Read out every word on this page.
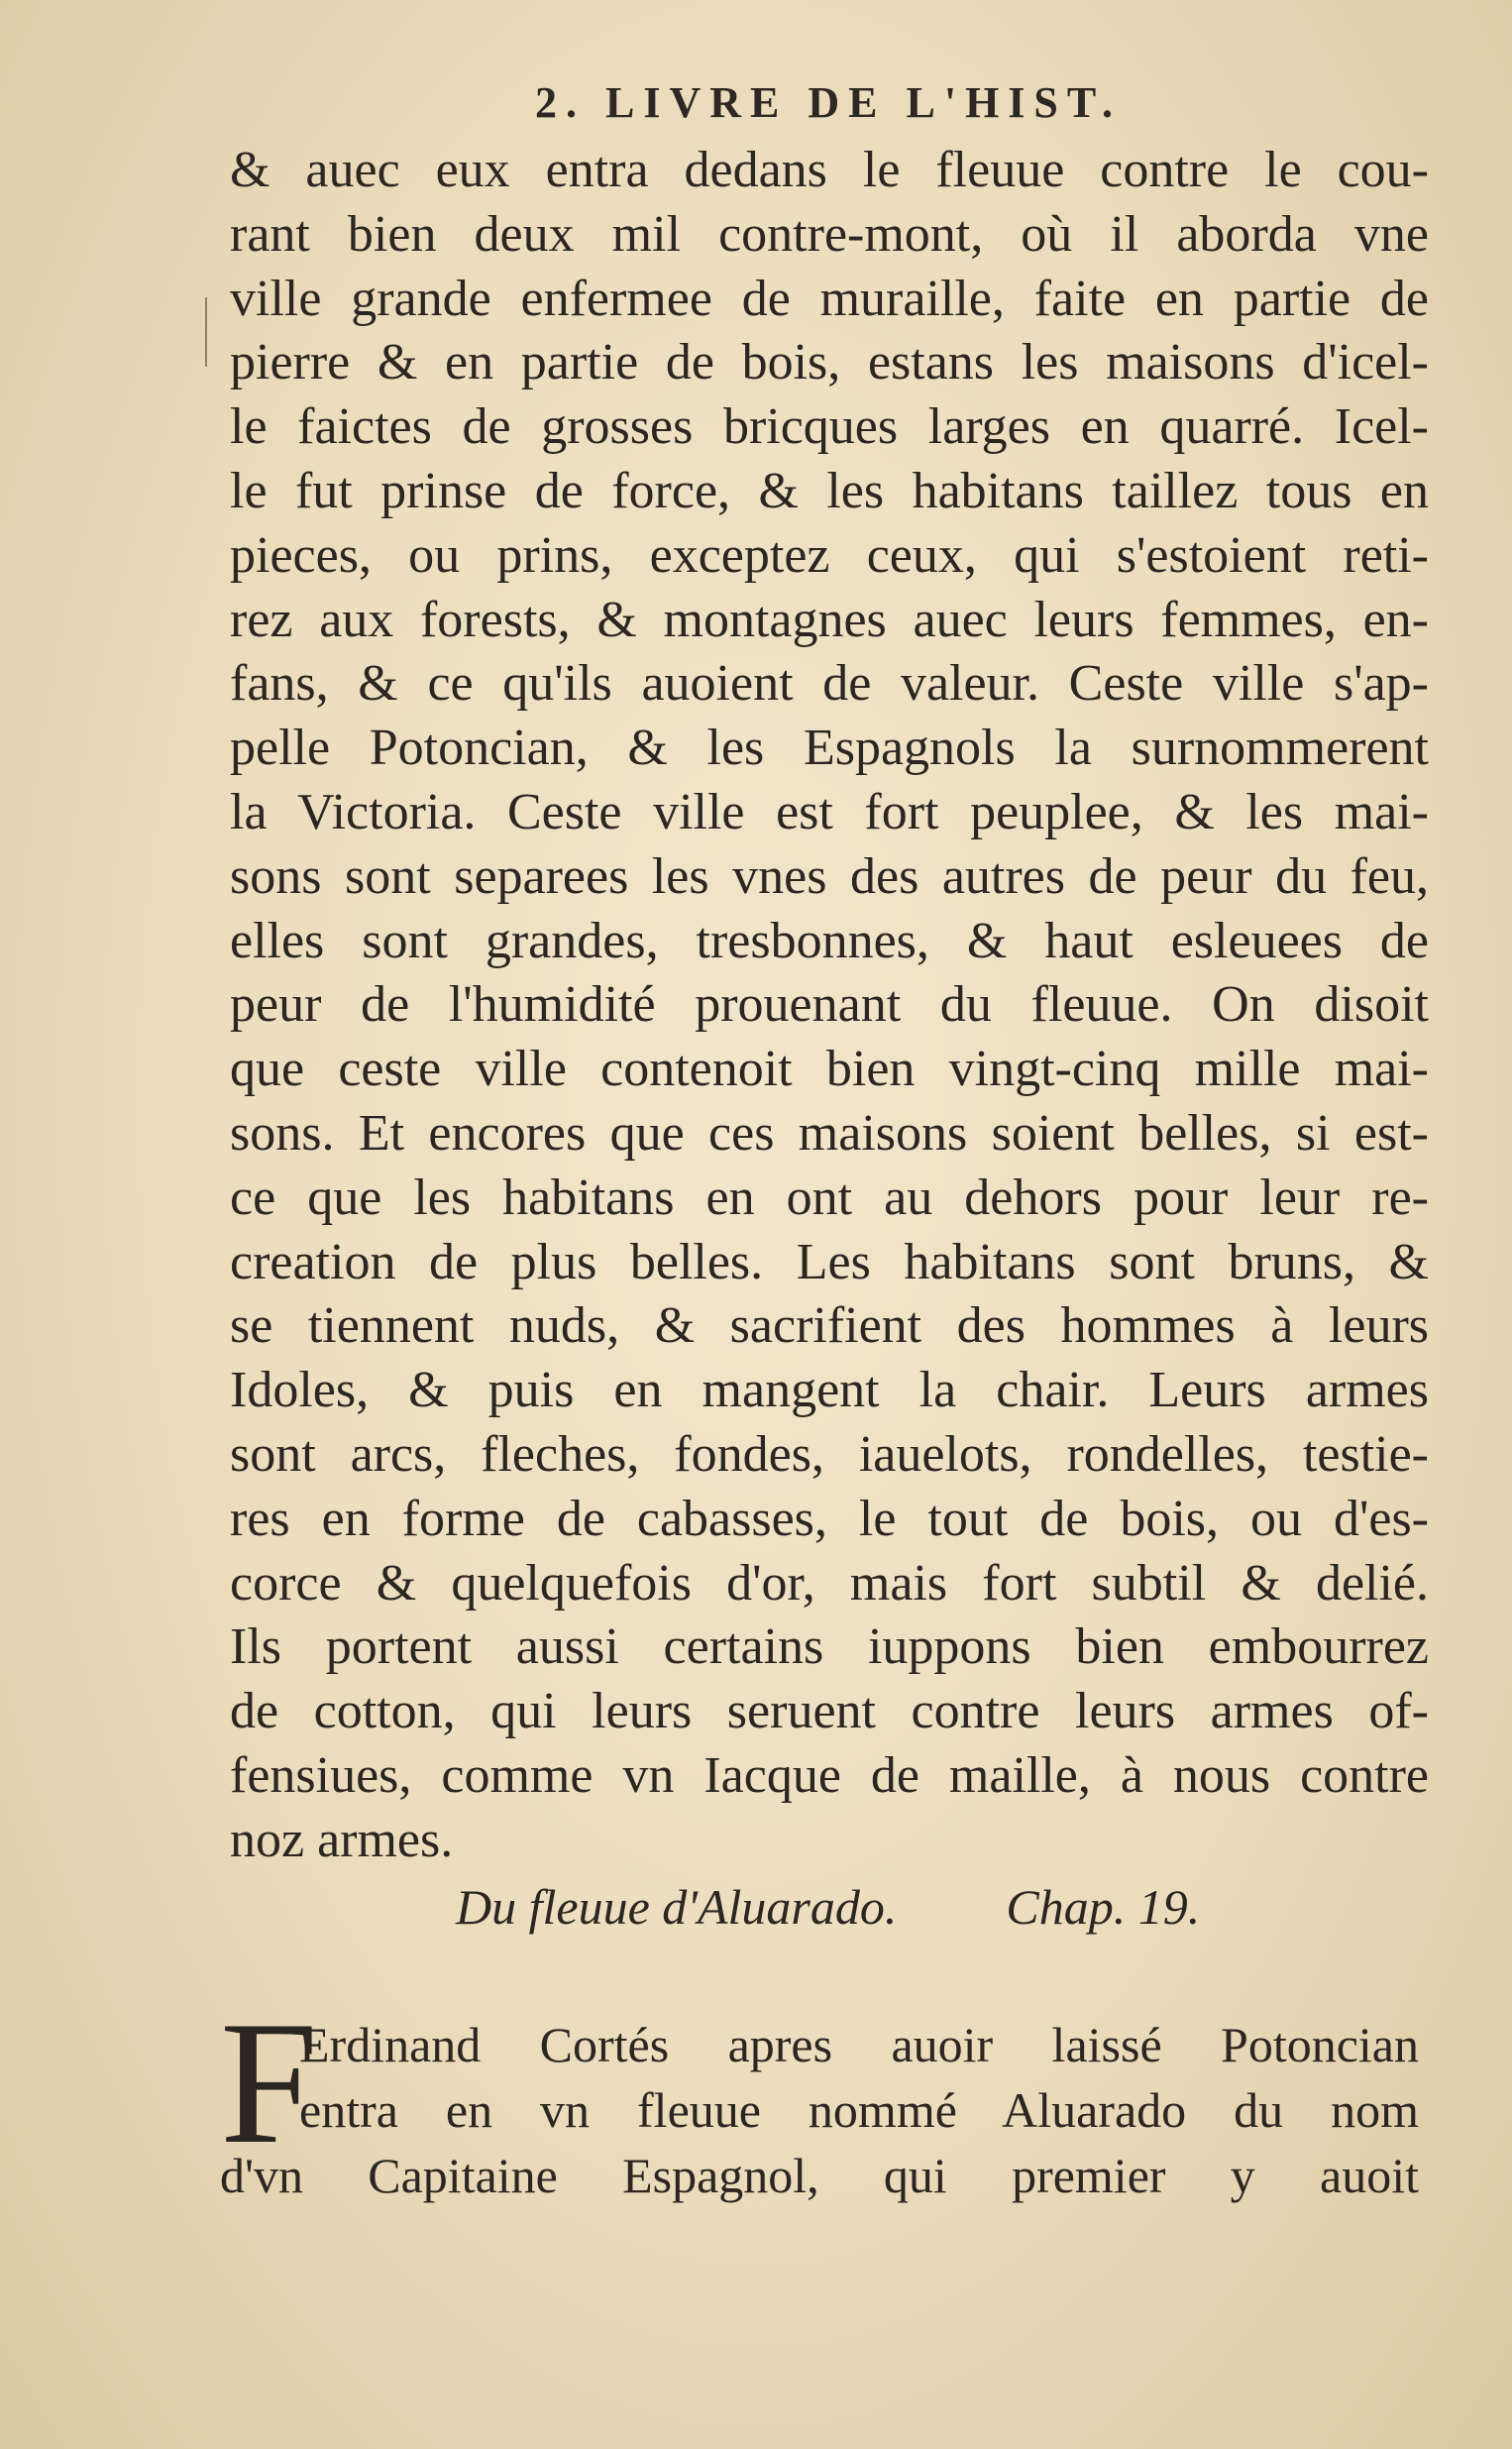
2. LIVRE DE L'HIST.
& auec eux entra dedans le fleuue contre le cou-
rant bien deux mil contre-mont, où il aborda vne
ville grande enfermee de muraille, faite en partie de
pierre & en partie de bois, estans les maisons d'icel-
le faictes de grosses bricques larges en quarré. Icel-
le fut prinse de force, & les habitans taillez tous en
pieces, ou prins, exceptez ceux, qui s'estoient reti-
rez aux forests, & montagnes auec leurs femmes, en-
fans, & ce qu'ils auoient de valeur. Ceste ville s'ap-
pelle Potoncian, & les Espagnols la surnommerent
la Victoria. Ceste ville est fort peuplee, & les mai-
sons sont separees les vnes des autres de peur du feu,
elles sont grandes, tresbonnes, & haut esleuees de
peur de l'humidité prouenant du fleuue. On disoit
que ceste ville contenoit bien vingt-cinq mille mai-
sons. Et encores que ces maisons soient belles, si est-
ce que les habitans en ont au dehors pour leur re-
creation de plus belles. Les habitans sont bruns, &
se tiennent nuds, & sacrifient des hommes à leurs
Idoles, & puis en mangent la chair. Leurs armes
sont arcs, fleches, fondes, iauelots, rondelles, testie-
res en forme de cabasses, le tout de bois, ou d'es-
corce & quelquefois d'or, mais fort subtil & delié.
Ils portent aussi certains iuppons bien embourrez
de cotton, qui leurs seruent contre leurs armes of-
fensiues, comme vn Iacque de maille, à nous contre
noz armes.
Du fleuue d'Aluarado. Chap. 19.
F
Erdinand Cortés apres auoir laissé Potoncian
entra en vn fleuue nommé Aluarado du nom
d'vn Capitaine Espagnol, qui premier y auoit
